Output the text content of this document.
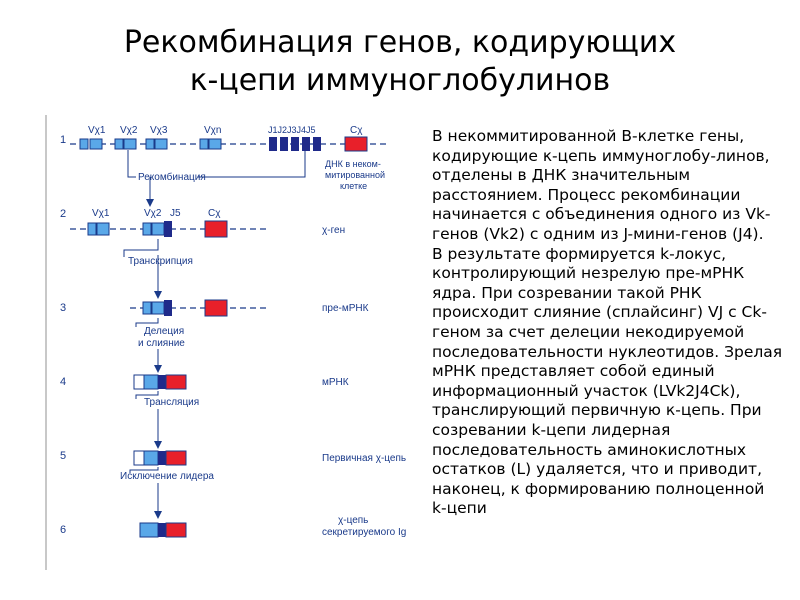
Рекомбинация генов, кодирующих
κ-цепи иммуноглобулинов
1
2
3
4
5
6
Vχ1 Vχ2 Vχ3	Vχn	J1J2J3J4J5	Cχ
ДНК в неком-
митированной
клетке
Рекомбинация
Vχ1	Vχ2 J5	Cχ
χ-ген
Транскрипция
пре-мРНК
Делеция
и слияние
мРНК
Трансляция
Первичная χ-цепь
Исключение лидера
χ-цепь
секретируемого Ig
В некоммитированной В-клетке гены,
кодирующие κ-цепь иммуноглобу-линов,
отделены в ДНК значительным
расстоянием. Процесс рекомбинации
начинается с объединения одного из Vk-
генов (Vk2) с одним из J-мини-генов (J4).
В результате формируется k-локус,
контролирующий незрелую пре-мРНК
ядра. При созревании такой РНК
происходит слияние (сплайсинг) VJ с Ck-
геном за счет делеции некодируемой
последовательности нуклеотидов. Зрелая
мРНК представляет собой единый
информационный участок (LVk2J4Ck),
транслирующий первичную к-цепь. При
созревании k-цепи лидерная
последовательность аминокислотных
остатков (L) удаляется, что и приводит,
наконец, к формированию полноценной
k-цепи
